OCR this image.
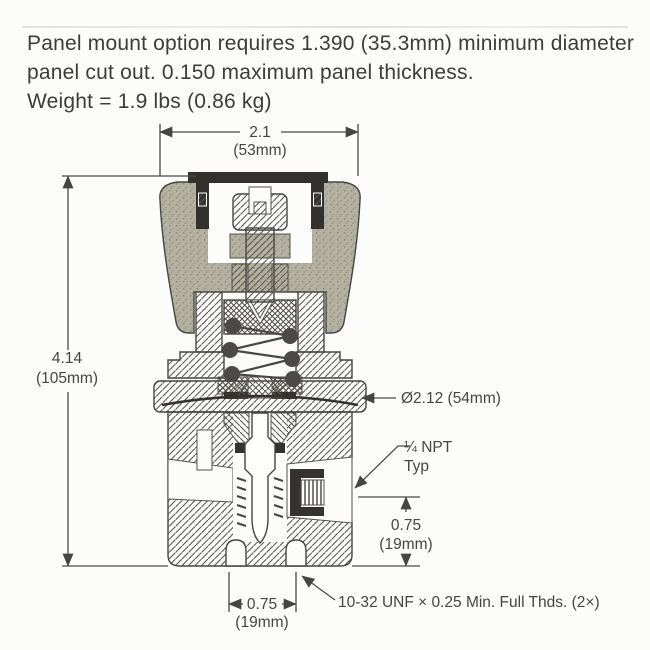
Panel mount option requires 1.390 (35.3mm) minimum diameter
panel cut out. 0.150 maximum panel thickness.
Weight = 1.9 lbs (0.86 kg)
2.1
(53mm)
4.14
(105mm)
Ø2.12 (54mm)
¼ NPT
Typ
0.75
(19mm)
0.75
(19mm)
10-32 UNF × 0.25 Min. Full Thds. (2×)
